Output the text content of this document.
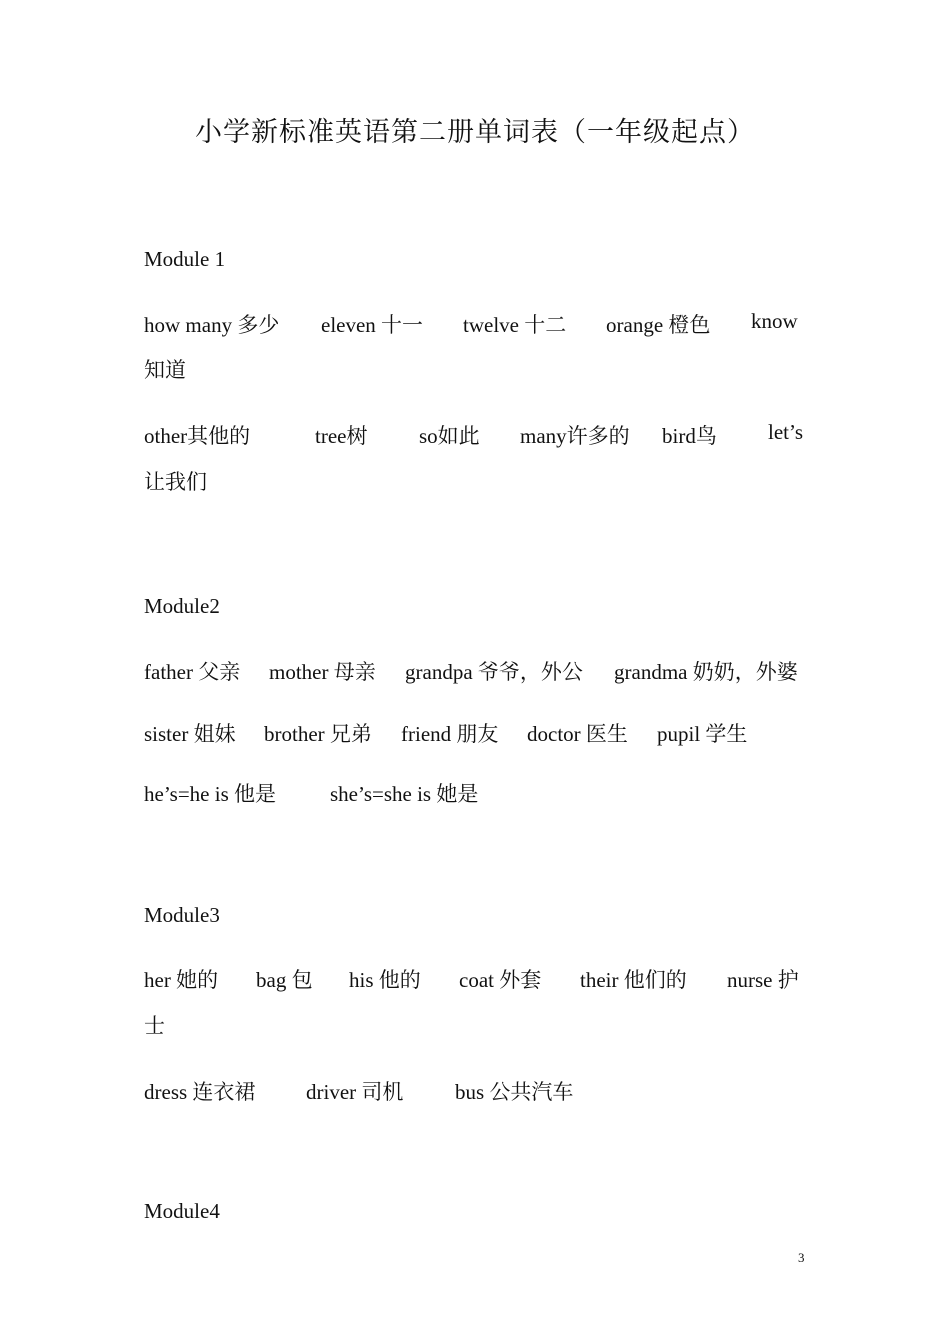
小学新标准英语第二册单词表（一年级起点）
Module 1
how many 多少 eleven 十一 twelve 十二 orange 橙色 know
知道
other其他的	tree树 so如此 many许多的 bird鸟 let’s
让我们
Module2
father 父亲 mother 母亲 grandpa 爷爷，外公 grandma 奶奶，外婆
sister 姐妹 brother 兄弟 friend 朋友 doctor 医生 pupil 学生
he’s=he is 他是	she’s=she is 她是
Module3
her 她的 bag 包 his 他的 coat 外套 their 他们的 nurse 护
士
dress 连衣裙 driver 司机 bus 公共汽车
Module4
3
